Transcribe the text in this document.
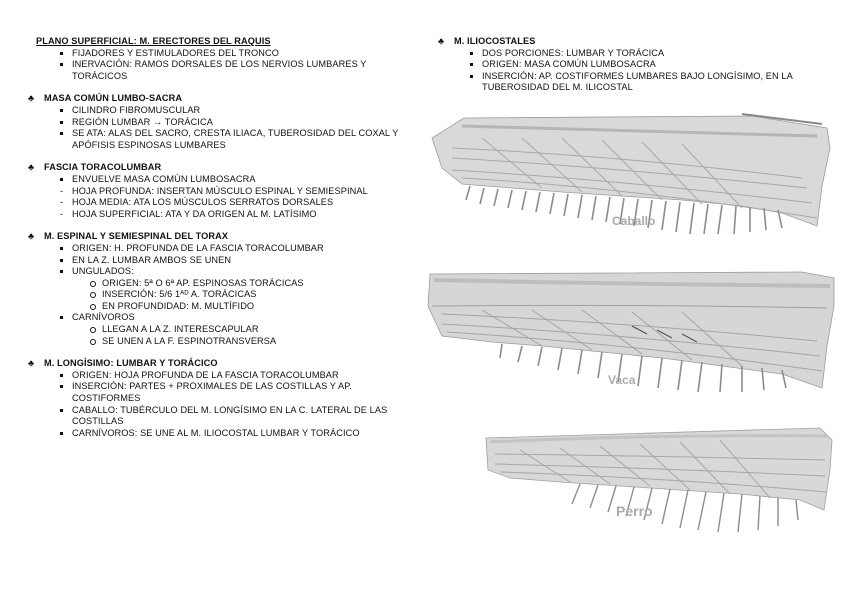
PLANO SUPERFICIAL: M. ERECTORES DEL RAQUIS

FIJADORES Y ESTIMULADORES DEL TRONCO
INERVACIÓN: RAMOS DORSALES DE LOS NERVIOS LUMBARES Y TORÁCICOS
♣	MASA COMÚN LUMBO-SACRA
CILINDRO FIBROMUSCULAR
REGIÓN LUMBAR → TORÁCICA
SE ATA: ALAS DEL SACRO, CRESTA ILIACA, TUBEROSIDAD DEL COXAL Y APÓFISIS ESPINOSAS LUMBARES
♣	FASCIA TORACOLUMBAR
ENVUELVE MASA COMÚN LUMBOSACRA
- HOJA PROFUNDA: INSERTAN MÚSCULO ESPINAL Y SEMIESPINAL
- HOJA MEDIA: ATA LOS MÚSCULOS SERRATOS DORSALES
- HOJA SUPERFICIAL: ATA Y DA ORIGEN AL M. LATÍSIMO
♣	M. ESPINAL Y SEMIESPINAL DEL TORAX
ORIGEN: H. PROFUNDA DE LA FASCIA TORACOLUMBAR
EN LA Z. LUMBAR AMBOS SE UNEN
UNGULADOS:
ORIGEN: 5ª O 6ª AP. ESPINOSAS TORÁCICAS
INSERCIÓN: 5/6 1ᴬᴰ A. TORÁCICAS
EN PROFUNDIDAD: M. MULTÍFIDO
CARNÍVOROS
LLEGAN A LA Z. INTERESCAPULAR
SE UNEN A LA F. ESPINOTRANSVERSA
♣	M. LONGÍSIMO: LUMBAR Y TORÁCICO
ORIGEN: HOJA PROFUNDA DE LA FASCIA TORACOLUMBAR
INSERCIÓN: PARTES + PROXIMALES DE LAS COSTILLAS Y AP. COSTIFORMES
CABALLO: TUBÉRCULO DEL M. LONGÍSIMO EN LA C. LATERAL DE LAS COSTILLAS
CARNÍVOROS: SE UNE AL M. ILIOCOSTAL LUMBAR Y TORÁCICO
♣	M. ILIOCOSTALES
DOS PORCIONES: LUMBAR Y TORÁCICA
ORIGEN: MASA COMÚN LUMBOSACRA
INSERCIÓN: AP. COSTIFORMES LUMBARES BAJO LONGÍSIMO, EN LA TUBEROSIDAD DEL M. ILICOSTAL
Caballo
Vaca
Perro
